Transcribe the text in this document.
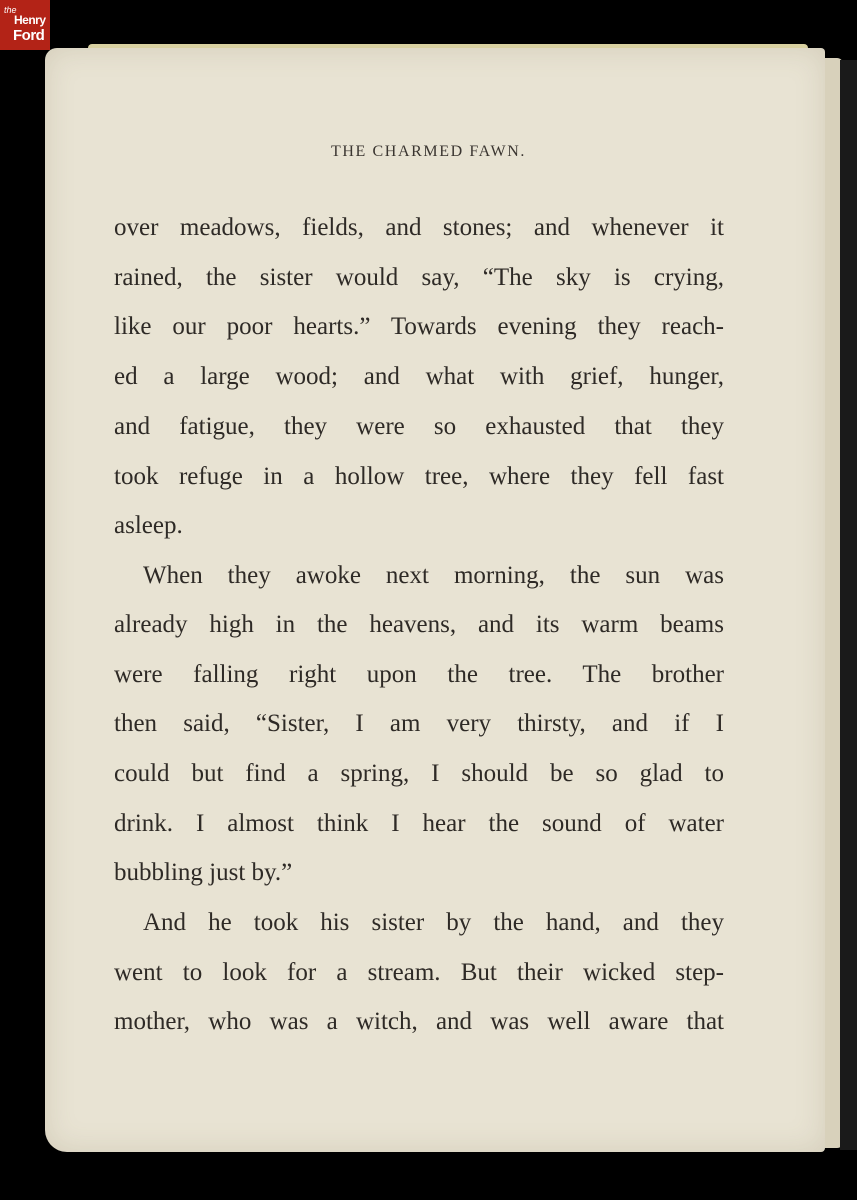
the
Henry
Ford
THE CHARMED FAWN.
over meadows, fields, and stones; and whenever it
rained, the sister would say, “The sky is crying,
like our poor hearts.” Towards evening they reach-
ed a large wood; and what with grief, hunger,
and fatigue, they were so exhausted that they
took refuge in a hollow tree, where they fell fast
asleep.
When they awoke next morning, the sun was
already high in the heavens, and its warm beams
were falling right upon the tree. The brother
then said, “Sister, I am very thirsty, and if I
could but find a spring, I should be so glad to
drink. I almost think I hear the sound of water
bubbling just by.”
And he took his sister by the hand, and they
went to look for a stream. But their wicked step-
mother, who was a witch, and was well aware that
